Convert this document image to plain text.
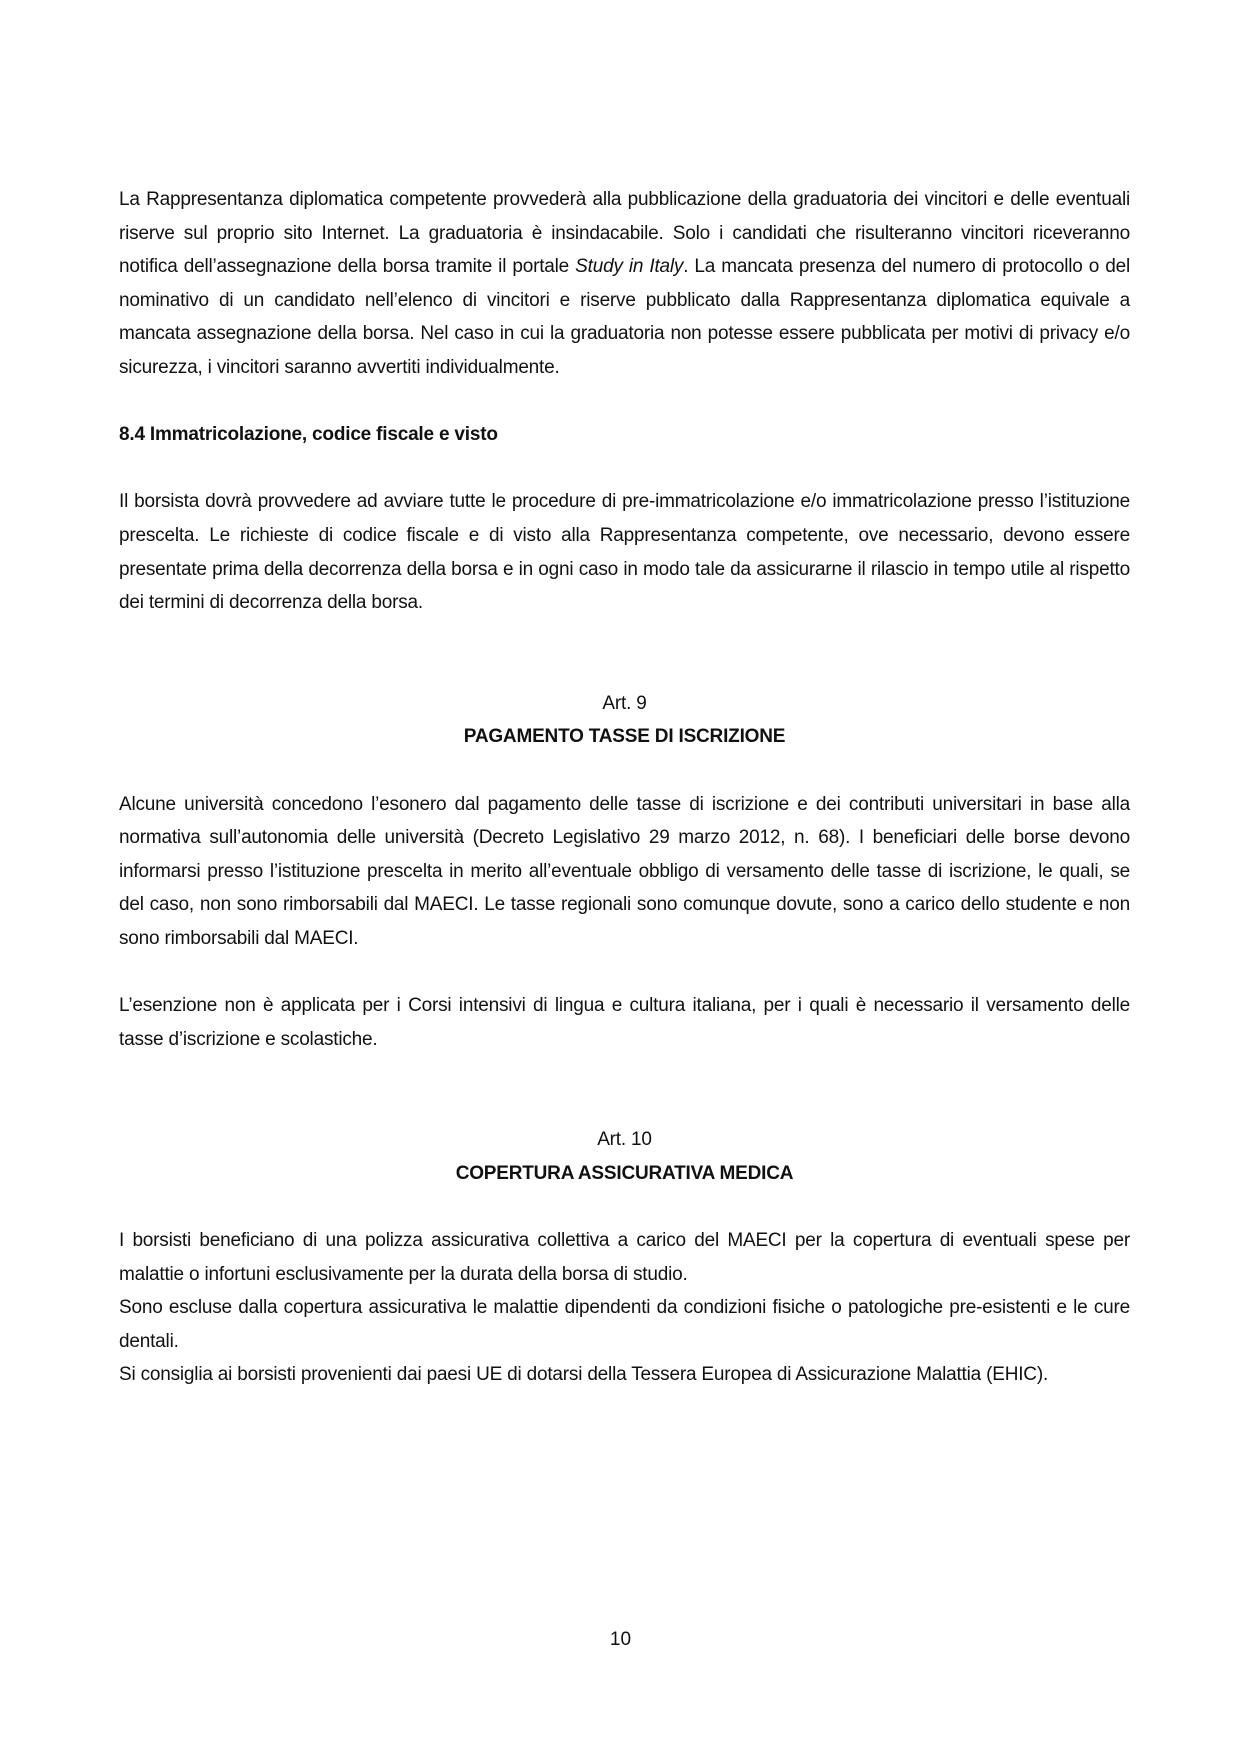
La Rappresentanza diplomatica competente provvederà alla pubblicazione della graduatoria dei vincitori e delle eventuali riserve sul proprio sito Internet. La graduatoria è insindacabile. Solo i candidati che risulteranno vincitori riceveranno notifica dell’assegnazione della borsa tramite il portale Study in Italy. La mancata presenza del numero di protocollo o del nominativo di un candidato nell’elenco di vincitori e riserve pubblicato dalla Rappresentanza diplomatica equivale a mancata assegnazione della borsa. Nel caso in cui la graduatoria non potesse essere pubblicata per motivi di privacy e/o sicurezza, i vincitori saranno avvertiti individualmente.

8.4 Immatricolazione, codice fiscale e visto

Il borsista dovrà provvedere ad avviare tutte le procedure di pre-immatricolazione e/o immatricolazione presso l’istituzione prescelta. Le richieste di codice fiscale e di visto alla Rappresentanza competente, ove necessario, devono essere presentate prima della decorrenza della borsa e in ogni caso in modo tale da assicurarne il rilascio in tempo utile al rispetto dei termini di decorrenza della borsa.

Art. 9

PAGAMENTO TASSE DI ISCRIZIONE

Alcune università concedono l’esonero dal pagamento delle tasse di iscrizione e dei contributi universitari in base alla normativa sull’autonomia delle università (Decreto Legislativo 29 marzo 2012, n. 68). I beneficiari delle borse devono informarsi presso l’istituzione prescelta in merito all’eventuale obbligo di versamento delle tasse di iscrizione, le quali, se del caso, non sono rimborsabili dal MAECI. Le tasse regionali sono comunque dovute, sono a carico dello studente e non sono rimborsabili dal MAECI.

L’esenzione non è applicata per i Corsi intensivi di lingua e cultura italiana, per i quali è necessario il versamento delle tasse d’iscrizione e scolastiche.

Art. 10

COPERTURA ASSICURATIVA MEDICA

I borsisti beneficiano di una polizza assicurativa collettiva a carico del MAECI per la copertura di eventuali spese per malattie o infortuni esclusivamente per la durata della borsa di studio.

Sono escluse dalla copertura assicurativa le malattie dipendenti da condizioni fisiche o patologiche pre-esistenti e le cure dentali.

Si consiglia ai borsisti provenienti dai paesi UE di dotarsi della Tessera Europea di Assicurazione Malattia (EHIC).

10
